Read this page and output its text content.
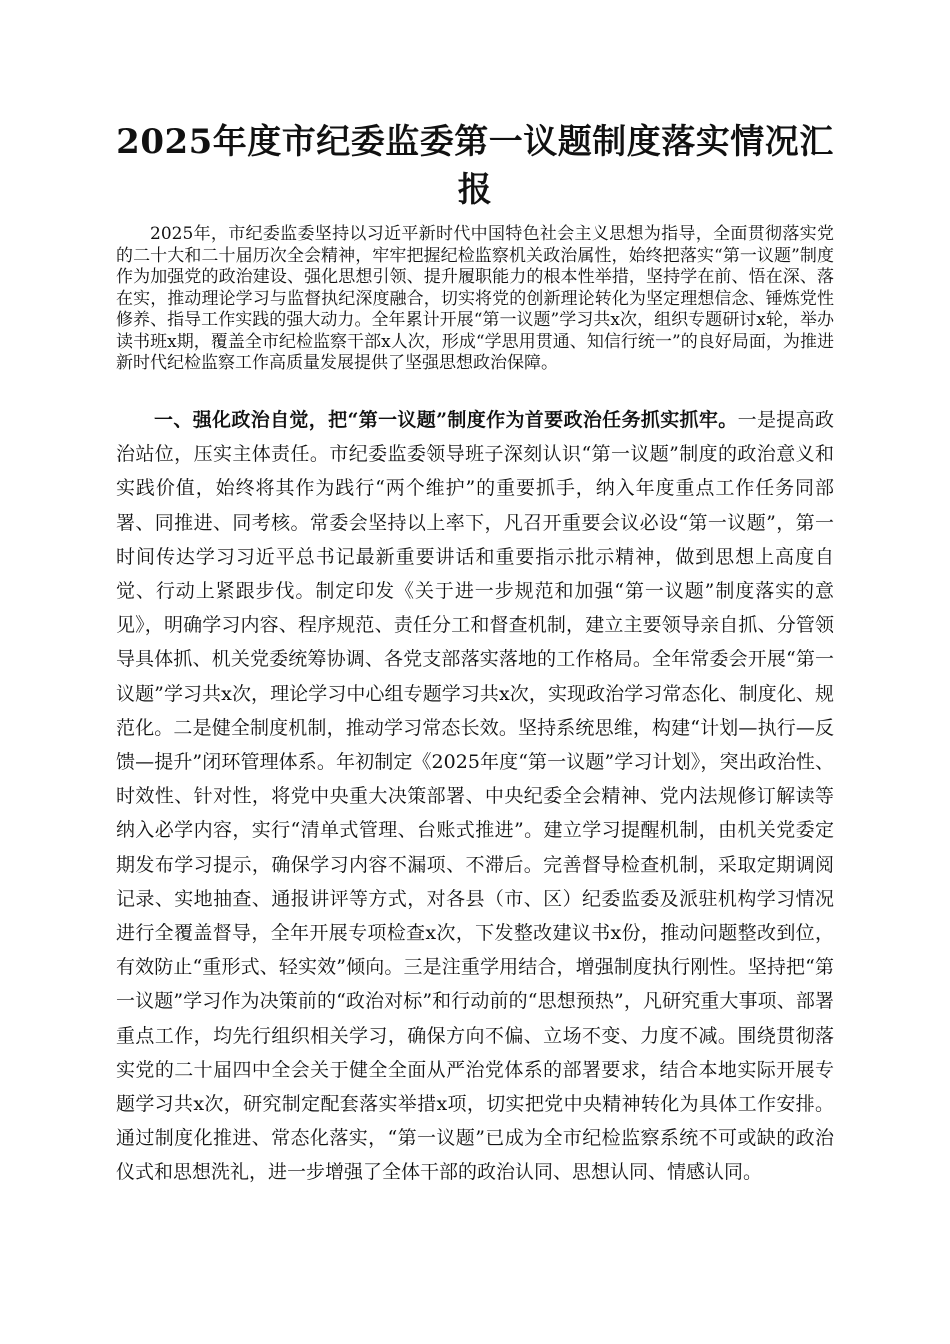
2025年度市纪委监委第一议题制度落实情况汇报

2025年，市纪委监委坚持以习近平新时代中国特色社会主义思想为指导，全面贯彻落实党的二十大和二十届历次全会精神，牢牢把握纪检监察机关政治属性，始终把落实“第一议题”制度作为加强党的政治建设、强化思想引领、提升履职能力的根本性举措，坚持学在前、悟在深、落在实，推动理论学习与监督执纪深度融合，切实将党的创新理论转化为坚定理想信念、锤炼党性修养、指导工作实践的强大动力。全年累计开展“第一议题”学习共x次，组织专题研讨x轮，举办读书班x期，覆盖全市纪检监察干部x人次，形成“学思用贯通、知信行统一”的良好局面，为推进新时代纪检监察工作高质量发展提供了坚强思想政治保障。

一、强化政治自觉，把“第一议题”制度作为首要政治任务抓实抓牢。一是提高政治站位，压实主体责任。市纪委监委领导班子深刻认识“第一议题”制度的政治意义和实践价值，始终将其作为践行“两个维护”的重要抓手，纳入年度重点工作任务同部署、同推进、同考核。常委会坚持以上率下，凡召开重要会议必设“第一议题”，第一时间传达学习习近平总书记最新重要讲话和重要指示批示精神，做到思想上高度自觉、行动上紧跟步伐。制定印发《关于进一步规范和加强“第一议题”制度落实的意见》，明确学习内容、程序规范、责任分工和督查机制，建立主要领导亲自抓、分管领导具体抓、机关党委统筹协调、各党支部落实落地的工作格局。全年常委会开展“第一议题”学习共x次，理论学习中心组专题学习共x次，实现政治学习常态化、制度化、规范化。二是健全制度机制，推动学习常态长效。坚持系统思维，构建“计划—执行—反馈—提升”闭环管理体系。年初制定《2025年度“第一议题”学习计划》，突出政治性、时效性、针对性，将党中央重大决策部署、中央纪委全会精神、党内法规修订解读等纳入必学内容，实行“清单式管理、台账式推进”。建立学习提醒机制，由机关党委定期发布学习提示，确保学习内容不漏项、不滞后。完善督导检查机制，采取定期调阅记录、实地抽查、通报讲评等方式，对各县（市、区）纪委监委及派驻机构学习情况进行全覆盖督导，全年开展专项检查x次，下发整改建议书x份，推动问题整改到位，有效防止“重形式、轻实效”倾向。三是注重学用结合，增强制度执行刚性。坚持把“第一议题”学习作为决策前的“政治对标”和行动前的“思想预热”，凡研究重大事项、部署重点工作，均先行组织相关学习，确保方向不偏、立场不变、力度不减。围绕贯彻落实党的二十届四中全会关于健全全面从严治党体系的部署要求，结合本地实际开展专题学习共x次，研究制定配套落实举措x项，切实把党中央精神转化为具体工作安排。通过制度化推进、常态化落实，“第一议题”已成为全市纪检监察系统不可或缺的政治仪式和思想洗礼，进一步增强了全体干部的政治认同、思想认同、情感认同。
